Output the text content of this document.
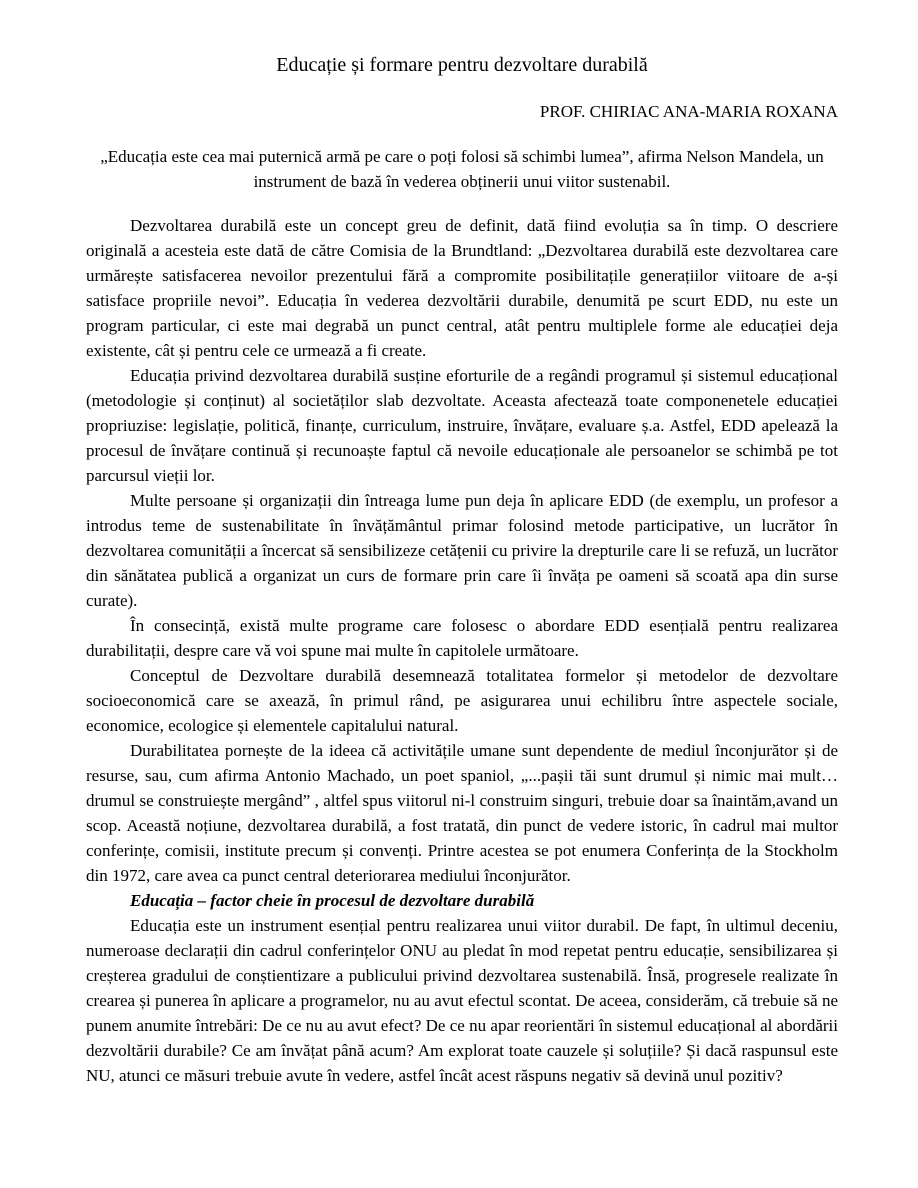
Educație și formare pentru dezvoltare durabilă
PROF. CHIRIAC ANA-MARIA ROXANA
„Educația este cea mai puternică armă pe care o poți folosi să schimbi lumea”, afirma Nelson Mandela, un instrument de bază în vederea obținerii unui viitor sustenabil.

Dezvoltarea durabilă este un concept greu de definit, dată fiind evoluția sa în timp. O descriere originală a acesteia este dată de către Comisia de la Brundtland: „Dezvoltarea durabilă este dezvoltarea care urmărește satisfacerea nevoilor prezentului fără a compromite posibilitațile generațiilor viitoare de a-și satisface propriile nevoi”. Educația în vederea dezvoltării durabile, denumită pe scurt EDD, nu este un program particular, ci este mai degrabă un punct central, atât pentru multiplele forme ale educației deja existente, cât și pentru cele ce urmează a fi create.

Educația privind dezvoltarea durabilă susține eforturile de a regândi programul și sistemul educațional (metodologie și conținut) al societăților slab dezvoltate. Aceasta afectează toate componenetele educației propriuzise: legislație, politică, finanțe, curriculum, instruire, învățare, evaluare ș.a. Astfel, EDD apelează la procesul de învățare continuă și recunoaște faptul că nevoile educaționale ale persoanelor se schimbă pe tot parcursul vieții lor.

Multe persoane și organizații din întreaga lume pun deja în aplicare EDD (de exemplu, un profesor a introdus teme de sustenabilitate în învățământul primar folosind metode participative, un lucrător în dezvoltarea comunității a încercat să sensibilizeze cetățenii cu privire la drepturile care li se refuză, un lucrător din sănătatea publică a organizat un curs de formare prin care îi învăța pe oameni să scoată apa din surse curate).

În consecință, există multe programe care folosesc o abordare EDD esențială pentru realizarea durabilitații, despre care vă voi spune mai multe în capitolele următoare.

Conceptul de Dezvoltare durabilă desemnează totalitatea formelor și metodelor de dezvoltare socioeconomică care se axează, în primul rând, pe asigurarea unui echilibru între aspectele sociale, economice, ecologice și elementele capitalului natural.

Durabilitatea pornește de la ideea că activitățile umane sunt dependente de mediul înconjurător și de resurse, sau, cum afirma Antonio Machado, un poet spaniol, „...pașii tăi sunt drumul și nimic mai mult… drumul se construiește mergând” , altfel spus viitorul ni-l construim singuri, trebuie doar sa înaintăm,avand un scop. Această noțiune, dezvoltarea durabilă, a fost tratată, din punct de vedere istoric, în cadrul mai multor conferințe, comisii, institute precum și convenți. Printre acestea se pot enumera Conferința de la Stockholm din 1972, care avea ca punct central deteriorarea mediului înconjurător.

Educația – factor cheie în procesul de dezvoltare durabilă

Educația este un instrument esențial pentru realizarea unui viitor durabil. De fapt, în ultimul deceniu, numeroase declarații din cadrul conferințelor ONU au pledat în mod repetat pentru educație, sensibilizarea și creșterea gradului de conștientizare a publicului privind dezvoltarea sustenabilă. Însă, progresele realizate în crearea și punerea în aplicare a programelor, nu au avut efectul scontat. De aceea, considerăm, că trebuie să ne punem anumite întrebări: De ce nu au avut efect? De ce nu apar reorientări în sistemul educațional al abordării dezvoltării durabile? Ce am învățat până acum? Am explorat toate cauzele și soluțiile? Și dacă raspunsul este NU, atunci ce măsuri trebuie avute în vedere, astfel încât acest răspuns negativ să devină unul pozitiv?
